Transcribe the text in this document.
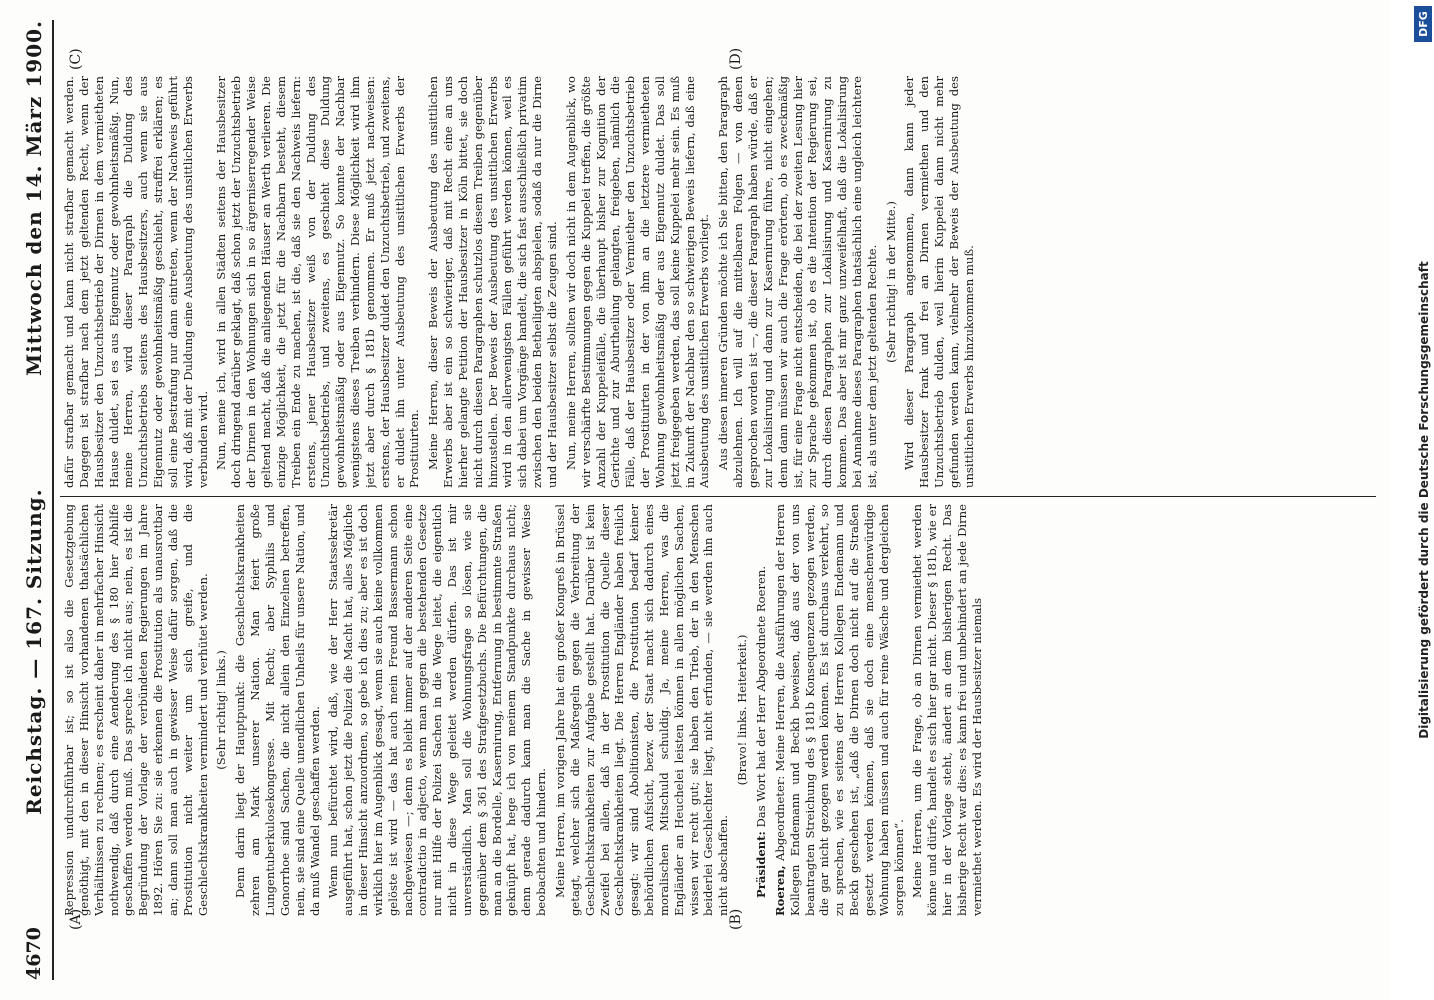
4670
Reichstag. — 167. Sitzung.
Mittwoch den 14. März 1900.
(A)	(B)
(C)	(D)

Repression undurchführbar ist; so ist also die Gesetzgebung genöthigt, mit den in dieser Hinsicht vorhandenen thatsächlichen Verhältnissen zu rechnen; es erscheint daher in mehrfacher Hinsicht nothwendig, daß durch eine Aenderung des § 180 hier Abhilfe geschaffen werden muß. Das spreche ich nicht aus; nein, es ist die Begründung der Vorlage der verbündeten Regierungen im Jahre 1892. Hören Sie zu: sie erkennen die Prostitution als unausrottbar an; dann soll man auch in gewisser Weise dafür sorgen, daß die Prostitution nicht weiter um sich greife, und die Geschlechtskrankheiten vermindert und verhütet werden. (Sehr richtig! links.) Denn darin liegt der Hauptpunkt: die Geschlechtskrankheiten zehren am Mark unserer Nation. Man feiert große Lungentuberkulosekongresse. Mit Recht; aber Syphilis und Gonorrhoe sind Sachen, die nicht allein den Einzelnen betreffen, nein, sie sind eine Quelle unendlichen Unheils für unsere Nation, und da muß Wandel geschaffen werden. Wenn nun befürchtet wird, daß, wie der Herr Staatssekretär ausgeführt hat, schon jetzt die Polizei die Macht hat, alles Mögliche in dieser Hinsicht anzuordnen, so gebe ich dies zu; aber es ist doch wirklich hier im Augenblick gesagt, wenn sie auch keine vollkommen gelöste ist wird — das hat auch mein Freund Bassermann schon nachgewiesen —; denn es bleibt immer auf der anderen Seite eine contradictio in adjecto, wenn man gegen die bestehenden Gesetze nur mit Hilfe der Polizei Sachen in die Wege leitet, die eigentlich nicht in diese Wege geleitet werden dürfen. Das ist mir unverständlich. Man soll die Wohnungsfrage so lösen, wie sie gegenüber dem § 361 des Strafgesetzbuchs. Die Befürchtungen, die man an die Bordelle, Kasernirung, Entfernung in bestimmte Straßen geknüpft hat, hege ich von meinem Standpunkte durchaus nicht; denn gerade dadurch kann man die Sache in gewisser Weise beobachten und hindern. Meine Herren, im vorigen Jahre hat ein großer Kongreß in Brüssel getagt, welcher sich die Maßregeln gegen die Verbreitung der Geschlechtskrankheiten zur Aufgabe gestellt hat. Darüber ist kein Zweifel bei allen, daß in der Prostitution die Quelle dieser Geschlechtskrankheiten liegt. Die Herren Engländer haben freilich gesagt: wir sind Abolitionisten, die Prostitution bedarf keiner behördlichen Aufsicht, bezw. der Staat macht sich dadurch eines moralischen Mitschuld schuldig. Ja, meine Herren, was die Engländer an Heuchelei leisten können in allen möglichen Sachen, wissen wir recht gut; sie haben den Trieb, der in den Menschen beiderlei Geschlechter liegt, nicht erfunden, — sie werden ihn auch nicht abschaffen.

(Bravo! links. Heiterkeit.)

Präsident: Das Wort hat der Herr Abgeordnete Roeren.

Roeren, Abgeordneter: Meine Herren, die Ausführungen der Herren Kollegen Endemann und Beckh beweisen, daß aus der von uns beantragten Streichung des § 181b Konsequenzen gezogen werden, die gar nicht gezogen werden können. Es ist durchaus verkehrt, so zu sprechen, wie es seitens der Herren Kollegen Endemann und Beckh geschehen ist, „daß die Dirnen doch nicht auf die Straßen gesetzt werden können, daß sie doch eine menschenwürdige Wohnung haben müssen und auch für reine Wäsche und dergleichen sorgen können“. Meine Herren, um die Frage, ob an Dirnen vermiethet werden könne und dürfe, handelt es sich hier gar nicht. Dieser § 181b, wie er hier in der Vorlage steht, ändert an dem bisherigen Recht. Das bisherige Recht war dies: es kann frei und unbehindert an jede Dirne vermiethet werden. Es wird der Hausbesitzer niemals

dafür strafbar gemacht und kann nicht strafbar gemacht werden. Dagegen ist strafbar nach dem jetzt geltenden Recht, wenn der Hausbesitzer den Unzuchtsbetrieb der Dirnen in dem vermietheten Hause duldet, sei es aus Eigennutz oder gewohnheitsmäßig. Nun, meine Herren, wird dieser Paragraph die Duldung des Unzuchtsbetriebs seitens des Hausbesitzers, auch wenn sie aus Eigennutz oder gewohnheitsmäßig geschieht, straffrei erklären; es soll eine Bestrafung nur dann eintreten, wenn der Nachweis geführt wird, daß mit der Duldung eine Ausbeutung des unsittlichen Erwerbs verbunden wird. Nun, meine ich, wird in allen Städten seitens der Hausbesitzer doch dringend darüber geklagt, daß schon jetzt der Unzuchtsbetrieb der Dirnen in den Wohnungen sich in so ärgerniserregender Weise geltend macht, daß die anliegenden Häuser an Werth verlieren. Die einzige Möglichkeit, die jetzt für die Nachbarn besteht, diesem Treiben ein Ende zu machen, ist die, daß sie den Nachweis liefern: erstens, jener Hausbesitzer weiß von der Duldung des Unzuchtsbetriebs, und zweitens, es geschieht diese Duldung gewohnheitsmäßig oder aus Eigennutz. So konnte der Nachbar wenigstens dieses Treiben verhindern. Diese Möglichkeit wird ihm jetzt aber durch § 181b genommen. Er muß jetzt nachweisen: erstens, der Hausbesitzer duldet den Unzuchtsbetrieb, und zweitens, er duldet ihn unter Ausbeutung des unsittlichen Erwerbs der Prostituirten. Meine Herren, dieser Beweis der Ausbeutung des unsittlichen Erwerbs aber ist ein so schwieriger, daß mit Recht eine an uns hierher gelangte Petition der Hausbesitzer in Köln bittet, sie doch nicht durch diesen Paragraphen schutzlos diesem Treiben gegenüber hinzustellen. Der Beweis der Ausbeutung des unsittlichen Erwerbs wird in den allerwenigsten Fällen geführt werden können, weil es sich dabei um Vorgänge handelt, die sich fast ausschließlich privatim zwischen den beiden Betheiligten abspielen, sodaß da nur die Dirne und der Hausbesitzer selbst die Zeugen sind. Nun, meine Herren, sollten wir doch nicht in dem Augenblick, wo wir verschärfte Bestimmungen gegen die Kuppelei treffen, die größte Anzahl der Kuppeleifälle, die überhaupt bisher zur Kognition der Gerichte und zur Aburtheilung gelangten, freigeben, nämlich die Fälle, daß der Hausbesitzer oder Vermiether den Unzuchtsbetrieb der Prostituirten in der von ihm an die letztere vermietheten Wohnung gewohnheitsmäßig oder aus Eigennutz duldet. Das soll jetzt freigegeben werden, das soll keine Kuppelei mehr sein. Es muß in Zukunft der Nachbar den so schwierigen Beweis liefern, daß eine Ausbeutung des unsittlichen Erwerbs vorliegt. Aus diesen inneren Gründen möchte ich Sie bitten, den Paragraph abzulehnen. Ich will auf die mittelbaren Folgen — von denen gesprochen worden ist —, die dieser Paragraph haben würde, daß er zur Lokalisirung und dann zur Kasernirung führe, nicht eingehen; denn dann müssen wir auch die Frage erörtern, ob es zweckmäßig ist, für eine Frage nicht entscheiden, die bei der zweiten Lesung hier zur Sprache gekommen ist, ob es die Intention der Regierung sei, durch diesen Paragraphen zur Lokalisirung und Kasernirung zu kommen. Das aber ist mir ganz unzweifelhaft, daß die Lokalisirung bei Annahme dieses Paragraphen thatsächlich eine ungleich leichtere ist, als unter dem jetzt geltenden Rechte. (Sehr richtig! in der Mitte.) Wird dieser Paragraph angenommen, dann kann jeder Hausbesitzer frank und frei an Dirnen vermiethen und den Unzuchtsbetrieb dulden, weil hierin Kuppelei dann nicht mehr gefunden werden kann, vielmehr der Beweis der Ausbeutung des unsittlichen Erwerbs hinzukommen muß.

DFG
Digitalisierung gefördert durch die Deutsche Forschungsgemeinschaft
